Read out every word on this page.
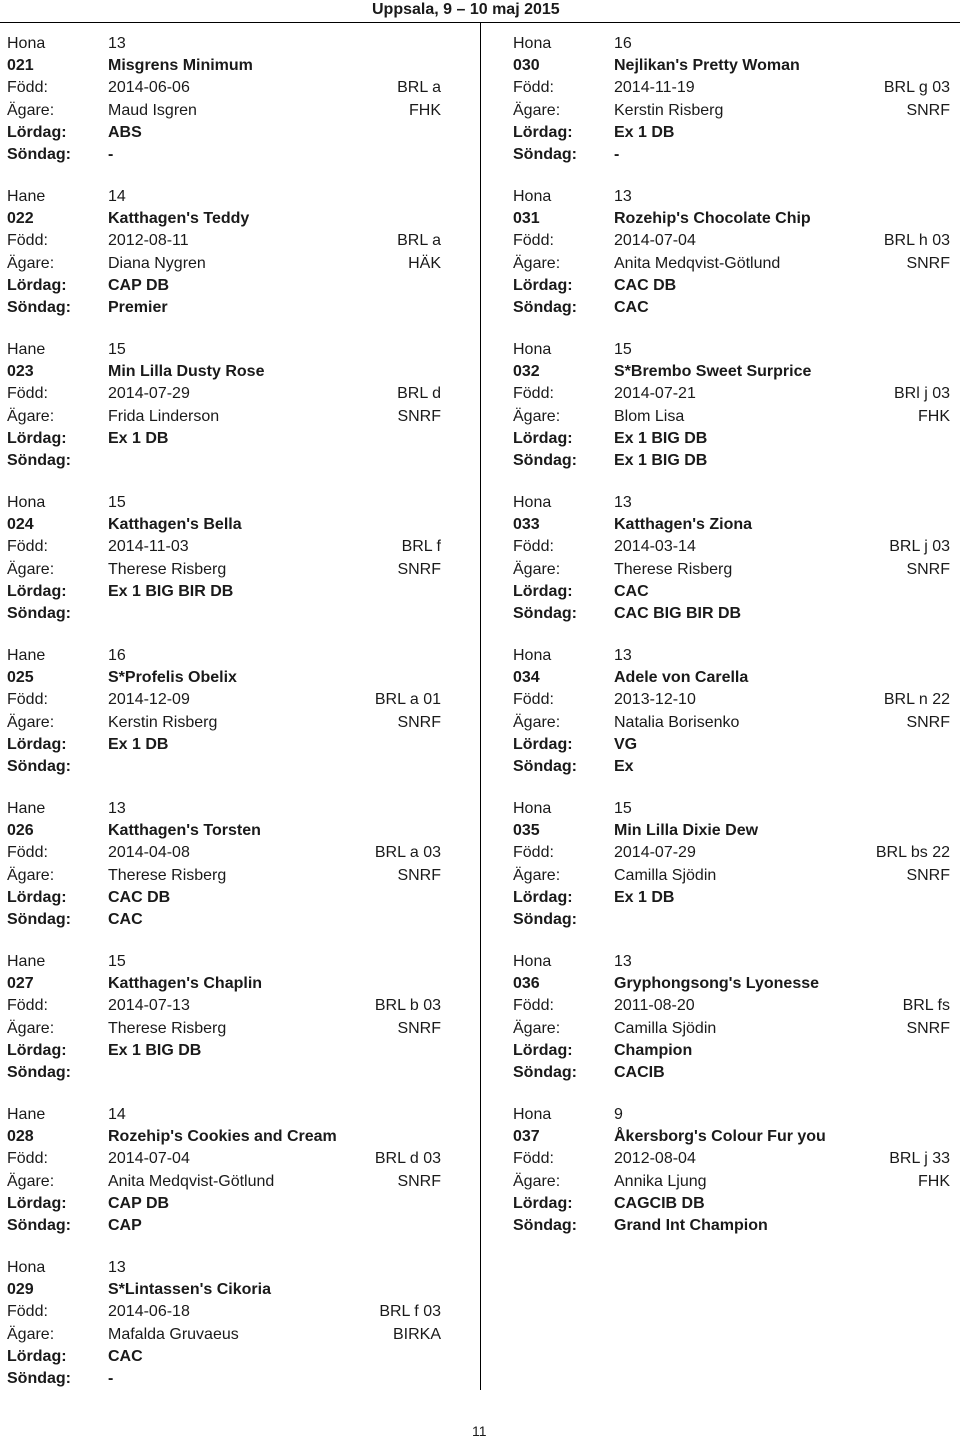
Uppsala, 9 – 10 maj 2015
Hona	13
021	Misgrens Minimum
Född:	2014-06-06	BRL a
Ägare:	Maud Isgren	FHK
Lördag:	ABS
Söndag: -
Hane	14
022	Katthagen's Teddy
Född:	2012-08-11	BRL a
Ägare:	Diana Nygren	HÄK
Lördag:	CAP DB
Söndag: Premier
Hane	15
023	Min Lilla Dusty Rose
Född:	2014-07-29	BRL d
Ägare:	Frida Linderson	SNRF
Lördag:	Ex 1 DB
Söndag:
Hona	15
024	Katthagen's Bella
Född:	2014-11-03	BRL f
Ägare:	Therese Risberg	SNRF
Lördag:	Ex 1 BIG BIR DB
Söndag:
Hane	16
025	S*Profelis Obelix
Född:	2014-12-09	BRL a 01
Ägare:	Kerstin Risberg	SNRF
Lördag:	Ex 1 DB
Söndag:
Hane	13
026	Katthagen's Torsten
Född:	2014-04-08	BRL a 03
Ägare:	Therese Risberg	SNRF
Lördag:	CAC DB
Söndag: CAC
Hane	15
027	Katthagen's Chaplin
Född:	2014-07-13	BRL b 03
Ägare:	Therese Risberg	SNRF
Lördag:	Ex 1 BIG DB
Söndag:
Hane	14
028	Rozehip's Cookies and Cream
Född:	2014-07-04	BRL d 03
Ägare:	Anita Medqvist-Götlund	SNRF
Lördag:	CAP DB
Söndag: CAP
Hona	13
029	S*Lintassen's Cikoria
Född:	2014-06-18	BRL f 03
Ägare:	Mafalda Gruvaeus	BIRKA
Lördag:	CAC
Söndag: -
Hona	16
030	Nejlikan's Pretty Woman
Född:	2014-11-19	BRL g 03
Ägare:	Kerstin Risberg	SNRF
Lördag:	Ex 1 DB
Söndag: -
Hona	13
031	Rozehip's Chocolate Chip
Född:	2014-07-04	BRL h 03
Ägare:	Anita Medqvist-Götlund	SNRF
Lördag:	CAC DB
Söndag: CAC
Hona	15
032	S*Brembo Sweet Surprice
Född:	2014-07-21	BRl j 03
Ägare:	Blom Lisa	FHK
Lördag:	Ex 1 BIG DB
Söndag: Ex 1 BIG DB
Hona	13
033	Katthagen's Ziona
Född:	2014-03-14	BRL j 03
Ägare:	Therese Risberg	SNRF
Lördag:	CAC
Söndag: CAC BIG BIR DB
Hona	13
034	Adele von Carella
Född:	2013-12-10	BRL n 22
Ägare:	Natalia Borisenko	SNRF
Lördag:	VG
Söndag: Ex
Hona	15
035	Min Lilla Dixie Dew
Född:	2014-07-29	BRL bs 22
Ägare:	Camilla Sjödin	SNRF
Lördag:	Ex 1 DB
Söndag:
Hona	13
036	Gryphongsong's Lyonesse
Född:	2011-08-20	BRL fs
Ägare:	Camilla Sjödin	SNRF
Lördag:	Champion
Söndag: CACIB
Hona	9
037	Åkersborg's Colour Fur you
Född:	2012-08-04	BRL j 33
Ägare:	Annika Ljung	FHK
Lördag:	CAGCIB DB
Söndag: Grand Int Champion
11
